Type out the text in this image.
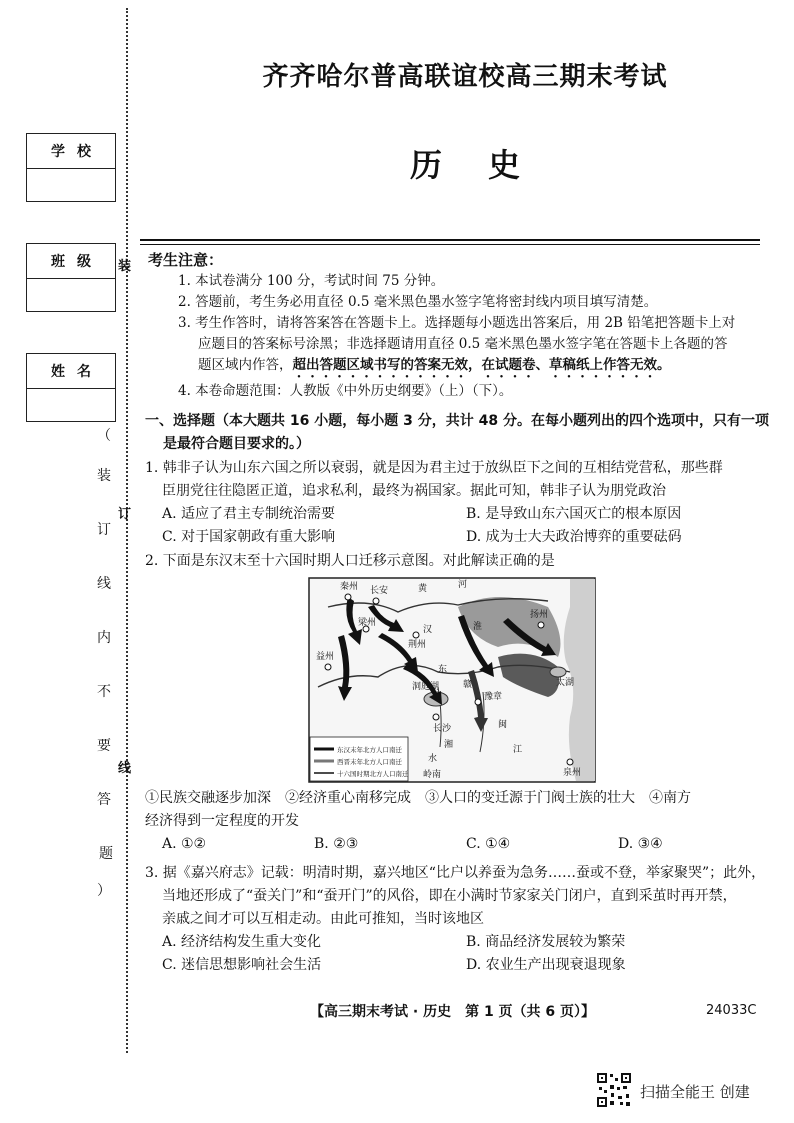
学校
班级
姓名
（
装
订
线
内
不
要
答
题
）
装
订
线
齐齐哈尔普高联谊校高三期末考试
历史
考生注意：
1. 本试卷满分 100 分，考试时间 75 分钟。
2. 答题前，考生务必用直径 0.5 毫米黑色墨水签字笔将密封线内项目填写清楚。
3. 考生作答时，请将答案答在答题卡上。选择题每小题选出答案后，用 2B 铅笔把答题卡上对
应题目的答案标号涂黑；非选择题请用直径 0.5 毫米黑色墨水签字笔在答题卡上各题的答
题区域内作答，超出答题区域书写的答案无效，在试题卷、草稿纸上作答无效。
4. 本卷命题范围：人教版《中外历史纲要》（上）（下）。
一、选择题（本大题共 16 小题，每小题 3 分，共计 48 分。在每小题列出的四个选项中，只有一项
是最符合题目要求的。）
1. 韩非子认为山东六国之所以衰弱，就是因为君主过于放纵臣下之间的互相结党营私，那些群
臣朋党往往隐匿正道，追求私利，最终为祸国家。据此可知，韩非子认为朋党政治
A. 适应了君主专制统治需要	B. 是导致山东六国灭亡的根本原因
C. 对于国家朝政有重大影响	D. 成为士大夫政治博弈的重要砝码
2. 下面是东汉末至十六国时期人口迁移示意图。对此解读正确的是
秦州 长安	黄	河
梁州
汉
益州
荆州
扬州
东
淮
太湖
长沙
洞庭湖
豫章
湘
赣
闽
水
江
岭南	泉州
东汉末年北方人口南迁
西晋末年北方人口南迁
十六国时期北方人口南迁
①民族交融逐步加深　②经济重心南移完成　③人口的变迁源于门阀士族的壮大　④南方
经济得到一定程度的开发
A. ①②	B. ②③	C. ①④	D. ③④
3. 据《嘉兴府志》记载：明清时期，嘉兴地区“比户以养蚕为急务……蚕或不登，举家聚哭”；此外，
当地还形成了“蚕关门”和“蚕开门”的风俗，即在小满时节家家关门闭户，直到采茧时再开禁，
亲戚之间才可以互相走动。由此可推知，当时该地区
A. 经济结构发生重大变化	B. 商品经济发展较为繁荣
C. 迷信思想影响社会生活	D. 农业生产出现衰退现象
【高三期末考试 · 历史　第 1 页（共 6 页）】	24033C
扫描全能王 创建
